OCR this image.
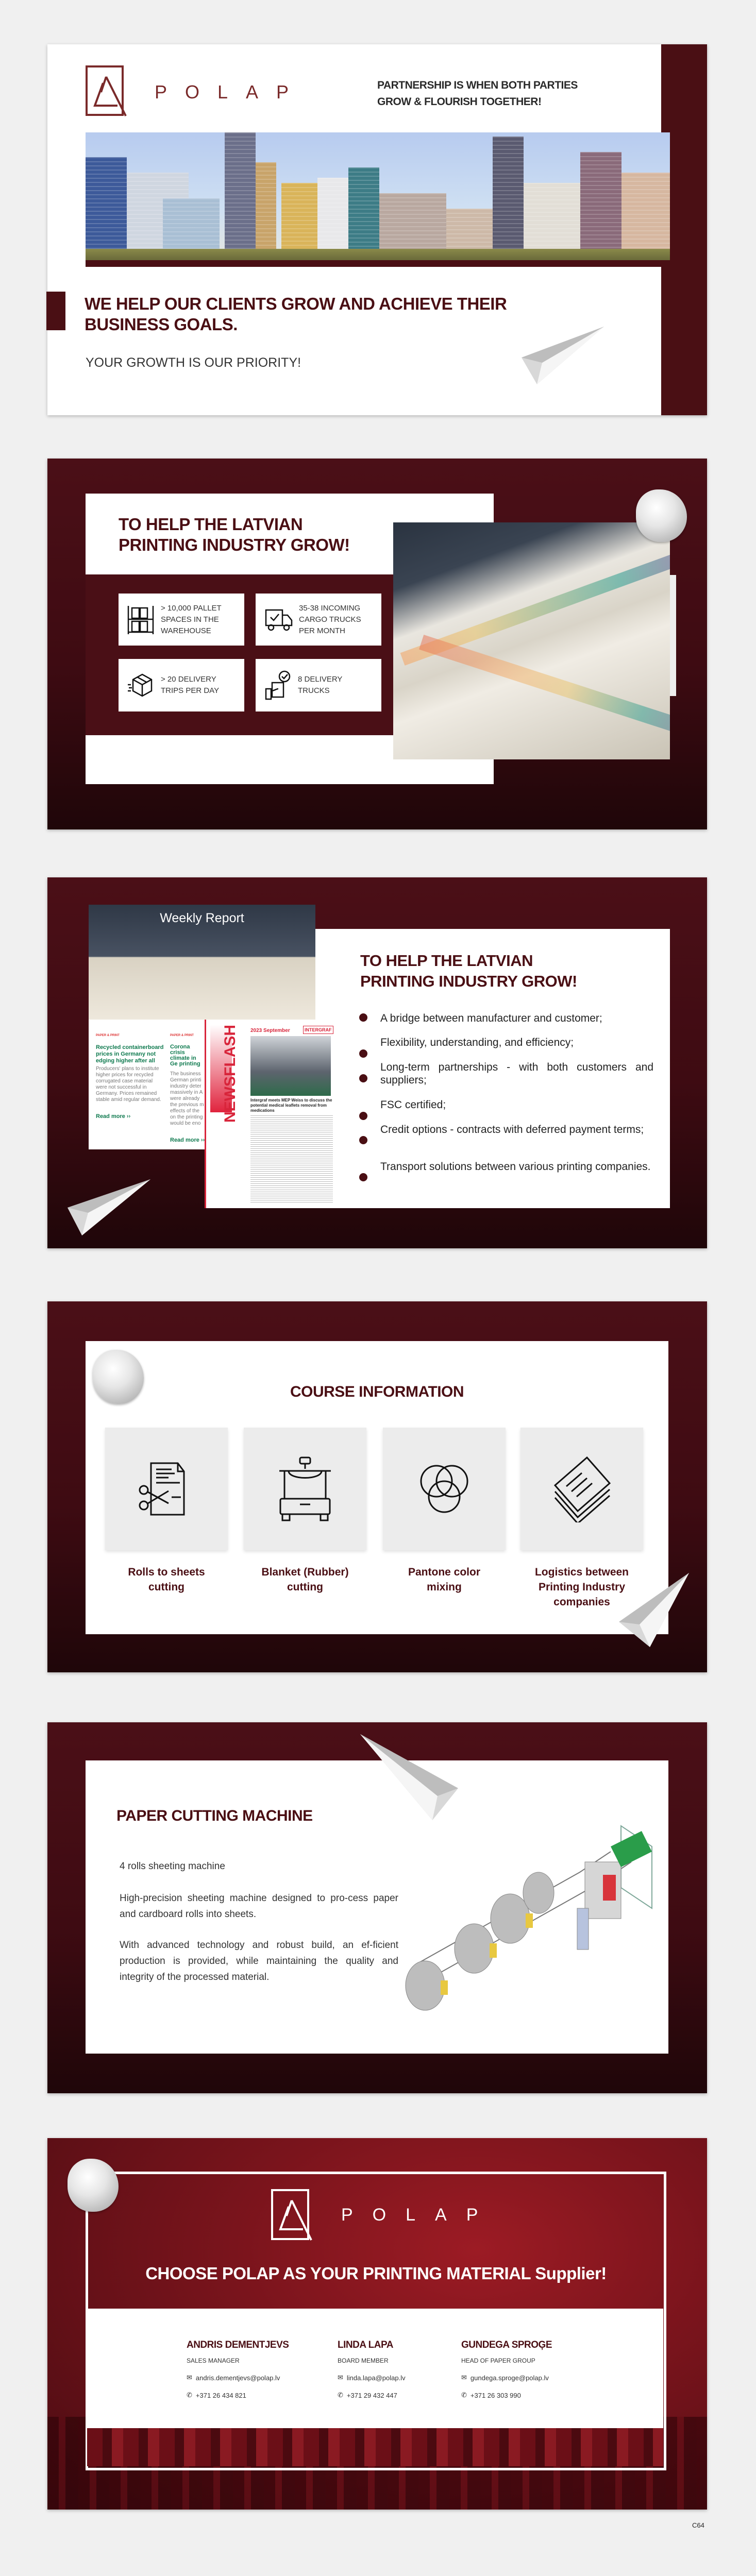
POLAP	PARTNERSHIP IS WHEN BOTH PARTIES
GROW & FLOURISH TOGETHER!
WE HELP OUR CLIENTS GROW AND ACHIEVE THEIR
BUSINESS GOALS.
YOUR GROWTH IS OUR PRIORITY!
TO HELP THE LATVIAN
PRINTING INDUSTRY GROW!
> 10,000 PALLET
SPACES IN THE
WAREHOUSE
35-38 INCOMING
CARGO TRUCKS
PER MONTH
> 20 DELIVERY
TRIPS PER DAY
8 DELIVERY
TRUCKS
Weekly Report
PAPER & PRINT
Recycled containerboard prices in Germany not edging higher after all
Producers' plans to institute higher prices for recycled corrugated case material were not successful in Germany. Prices remained stable amid regular demand.
Read more ››
PAPER & PRINT
Corona crisis climate in Ge printing
The business German printi industry deter massively in A were already the previous m effects of the on the printing would be eno
Read more ››
NEWSFLASH 2023 September	INTERGRAF
Intergraf meets MEP Weiss to discuss the potential medical leaflets removal from medications
TO HELP THE LATVIAN
PRINTING INDUSTRY GROW!
A bridge between manufacturer and customer;
Flexibility, understanding, and efficiency;
Long-term partnerships - with both customers and suppliers;
FSC certified;
Credit options - contracts with deferred payment terms;
Transport solutions between various printing companies.
COURSE INFORMATION
Rolls to sheets
cutting
Blanket (Rubber)
cutting
Pantone color
mixing
Logistics between
Printing Industry
companies
PAPER CUTTING MACHINE
4 rolls sheeting machine
High-precision sheeting machine designed to pro-cess paper and cardboard rolls into sheets.
With advanced technology and robust build, an ef-ficient production is provided, while maintaining the quality and integrity of the processed material.
POLAP
CHOOSE POLAP AS YOUR PRINTING MATERIAL Supplier!
ANDRIS DEMENTJEVS
SALES MANAGER
✉ andris.dementjevs@polap.lv
✆ +371 26 434 821
LINDA LAPA
BOARD MEMBER
✉ linda.lapa@polap.lv
✆ +371 29 432 447
GUNDEGA SPROĢE
HEAD OF PAPER GROUP
✉ gundega.sproge@polap.lv
✆ +371 26 303 990
C64
